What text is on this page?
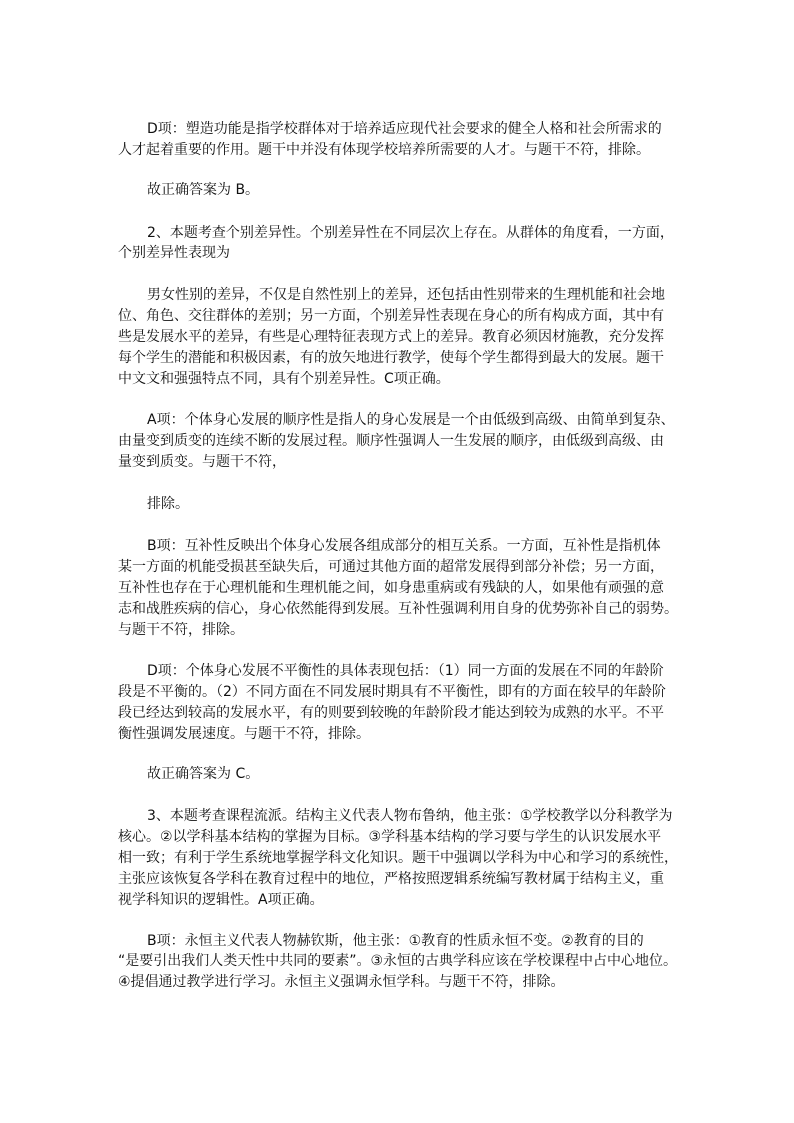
D项：塑造功能是指学校群体对于培养适应现代社会要求的健全人格和社会所需求的
人才起着重要的作用。题干中并没有体现学校培养所需要的人才。与题干不符，排除。
故正确答案为 B。
2、本题考查个别差异性。个别差异性在不同层次上存在。从群体的角度看，一方面，
个别差异性表现为
男女性别的差异，不仅是自然性别上的差异，还包括由性别带来的生理机能和社会地
位、角色、交往群体的差别；另一方面，个别差异性表现在身心的所有构成方面，其中有
些是发展水平的差异，有些是心理特征表现方式上的差异。教育必须因材施教，充分发挥
每个学生的潜能和积极因素，有的放矢地进行教学，使每个学生都得到最大的发展。题干
中文文和强强特点不同，具有个别差异性。C项正确。
A项：个体身心发展的顺序性是指人的身心发展是一个由低级到高级、由简单到复杂、
由量变到质变的连续不断的发展过程。顺序性强调人一生发展的顺序，由低级到高级、由
量变到质变。与题干不符，
排除。
B项：互补性反映出个体身心发展各组成部分的相互关系。一方面，互补性是指机体
某一方面的机能受损甚至缺失后，可通过其他方面的超常发展得到部分补偿；另一方面，
互补性也存在于心理机能和生理机能之间，如身患重病或有残缺的人，如果他有顽强的意
志和战胜疾病的信心，身心依然能得到发展。互补性强调利用自身的优势弥补自己的弱势。
与题干不符，排除。
D项：个体身心发展不平衡性的具体表现包括：（1）同一方面的发展在不同的年龄阶
段是不平衡的。（2）不同方面在不同发展时期具有不平衡性，即有的方面在较早的年龄阶
段已经达到较高的发展水平，有的则要到较晚的年龄阶段才能达到较为成熟的水平。不平
衡性强调发展速度。与题干不符，排除。
故正确答案为 C。
3、本题考查课程流派。结构主义代表人物布鲁纳，他主张：①学校教学以分科教学为
核心。②以学科基本结构的掌握为目标。③学科基本结构的学习要与学生的认识发展水平
相一致；有利于学生系统地掌握学科文化知识。题干中强调以学科为中心和学习的系统性，
主张应该恢复各学科在教育过程中的地位，严格按照逻辑系统编写教材属于结构主义，重
视学科知识的逻辑性。A项正确。
B项：永恒主义代表人物赫钦斯，他主张：①教育的性质永恒不变。②教育的目的
“是要引出我们人类天性中共同的要素”。③永恒的古典学科应该在学校课程中占中心地位。
④提倡通过教学进行学习。永恒主义强调永恒学科。与题干不符，排除。
